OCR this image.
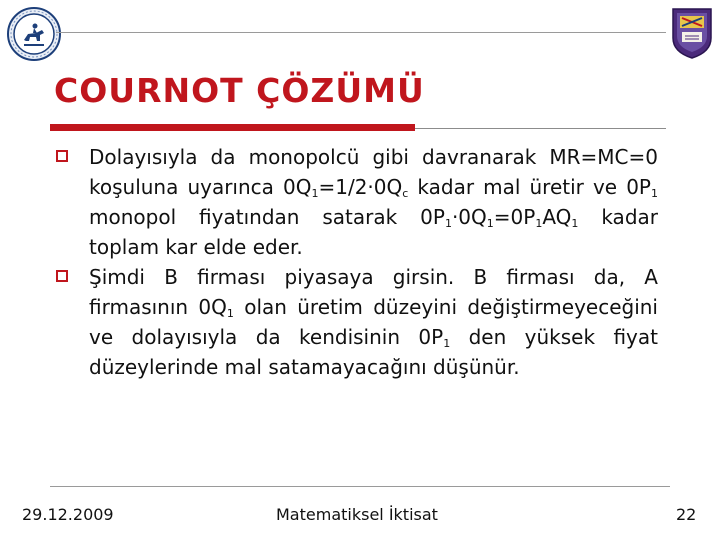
COURNOT ÇÖZÜMÜ

Dolayısıyla da monopolcü gibi davranarak MR=MC=0 koşuluna uyarınca $0Q_1=1/2\cdot 0Q_c$ kadar mal üretir ve $0P_1$ monopol fiyatından satarak $0P_1\cdot 0Q_1=0P_1AQ_1$ kadar toplam kar elde eder.

Şimdi B firması piyasaya girsin. B firması da, A firmasının $0Q_1$ olan üretim düzeyini değiştirmeyeceğini ve dolayısıyla da kendisinin $0P_1$ den yüksek fiyat düzeylerinde mal satamayacağını düşünür.

29.12.2009	Matematiksel İktisat	22
